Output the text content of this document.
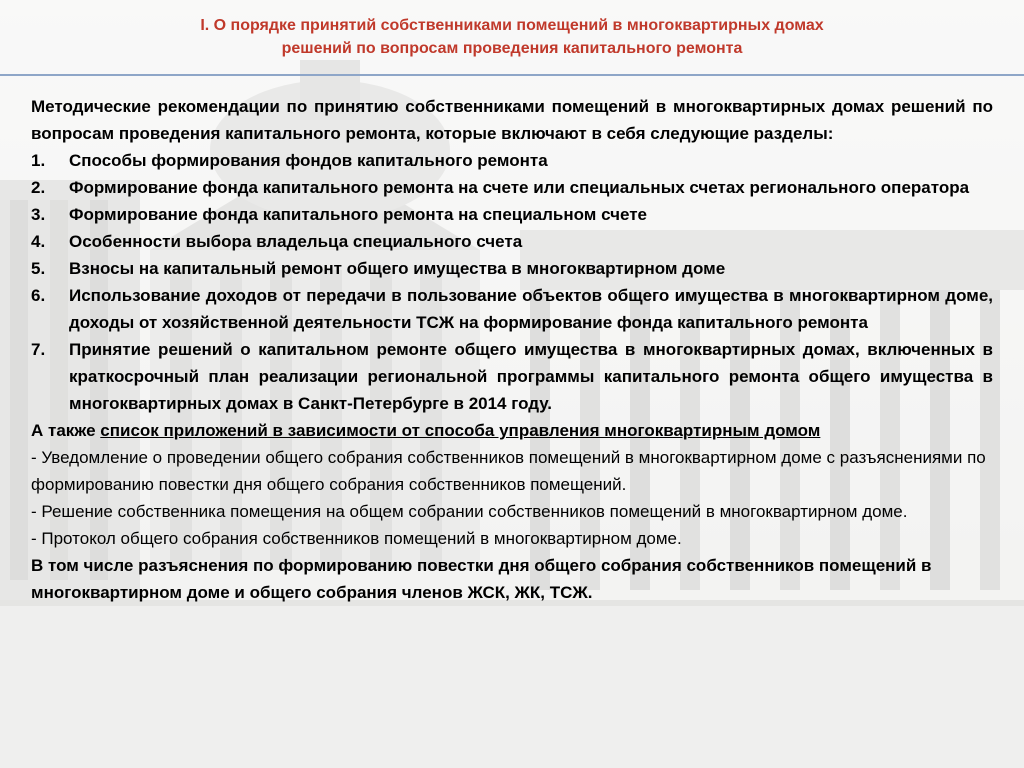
I. О порядке принятий собственниками помещений в многоквартирных домах
решений по вопросам проведения капитального ремонта

Методические рекомендации по принятию собственниками помещений в многоквартирных домах решений по вопросам проведения капитального ремонта, которые включают в себя следующие разделы:

1. Способы формирования фондов капитального ремонта
2. Формирование фонда капитального ремонта на счете или специальных счетах регионального оператора
3. Формирование фонда капитального ремонта на специальном счете
4. Особенности выбора владельца специального счета
5. Взносы на капитальный ремонт общего имущества в многоквартирном доме
6. Использование доходов от передачи в пользование объектов общего имущества в многоквартирном доме, доходы от хозяйственной деятельности ТСЖ на формирование фонда капитального ремонта
7. Принятие решений о капитальном ремонте общего имущества в многоквартирных домах, включенных в краткосрочный план реализации региональной программы капитального ремонта общего имущества в многоквартирных домах в Санкт-Петербурге в 2014 году.

А также список приложений в зависимости от способа управления многоквартирным домом

- Уведомление о проведении общего собрания собственников помещений в многоквартирном доме с разъяснениями по формированию повестки дня общего собрания собственников помещений.

- Решение собственника помещения на общем собрании собственников помещений в многоквартирном доме.

- Протокол общего собрания собственников помещений в многоквартирном доме.

В том числе разъяснения по формированию повестки дня общего собрания собственников помещений в многоквартирном доме и общего собрания членов ЖСК, ЖК, ТСЖ.
